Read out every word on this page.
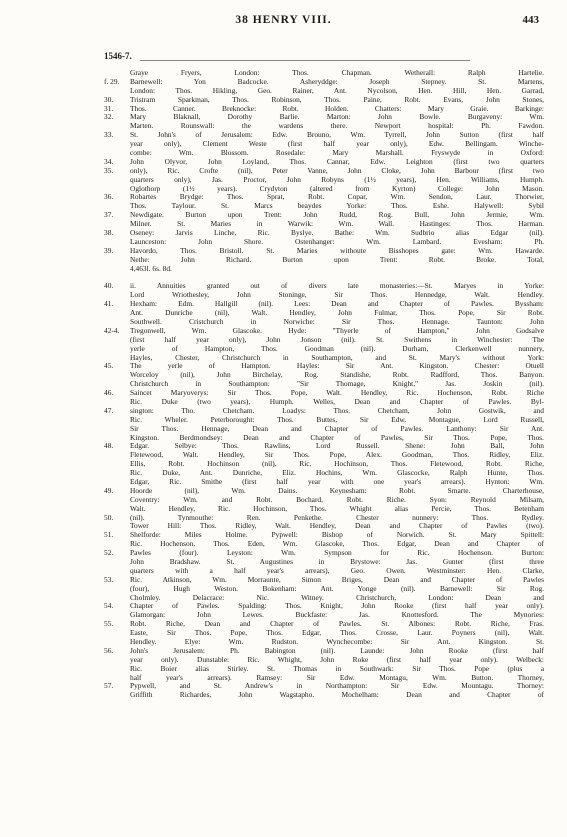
38 HENRY VIII.	443
1546-7.
Graye Fryers, London: Thos. Chapman. Wetherall: Ralph Hartelie.
f. 29.	Barnewell: Yon Badcocke. Asheryddge: Joseph Stepney. St. Martens,
London: Thos. Hikling, Geo. Rainer, Ant. Nycolson, Hen. Hill, Hen. Garrad,
30.	Tristram Sparkman, Thos. Robinson, Thos. Paine, Robt. Evans, John Stones,
31.	Thos. Canner. Breknocke: Robt. Holden. Chatters: Mary Graie. Barkinge:
32.	Mary Blaknall, Dorothy Barlie. Marton: John Bowle. Burgaveny: Wm.
Marten. Rounswall: the wardens there. Newport hospital: Ph. Fawdon.
33.	St. John's of Jerusalem: Edw. Brouno, Wm. Tyrrell, John Sutton (first half
year only), Clement Weste (first half year only), Edw. Bellingam. Winche-
combe: Wm. Blossom. Rosedale: Mary Marshall. Fryswyde in Oxford:
34.	John Olyvor, John Loyland, Thos. Cannar, Edw. Leighton (first two quarters
35.	only), Ric. Crofte (nil), Peter Vanne, John Cloke, John Barbour (first two
quarters only), Jas. Proctor, John Robyns (1½ years), Hen. Williams, Humph.
Oglothorp (1½ years). Crydyton (altered from Kyrton) College: John Mason.
36.	Robartes Brydge: Thos. Sprat, Robt. Copar, Wm. Sendon, Laur. Thorwier,
Thos. Taylour. St. Marcs beaydes Yorke: Thos. Eshe. Halywell: Sybil
37.	Newdigate. Burton upon Trent: John Rudd, Rog. Bull, John Jermie, Wm.
Milner. St. Maries in Warwik: Wm. Wall. Hastinges: Thos. Harman.
38.	Oseney: Jarvis Linche, Ric. Byslye. Bathe: Wm. Sudbrio alias Edgar (nil).
Launceston: John Shore. Ostenhanger: Wm. Lambard. Evesham: Ph.
39.	Havordo, Thos. Bristoll. St. Maries withoute Bisshopes gate: Wm. Hawarde.
Nethe: John Richard. Burton upon Trent: Robt. Broke. Total,
4,463l. 6s. 8d.
40.	ii. Annuities granted out of divers late monasteries:—St. Maryes in Yorke:
Lord Wriothesley, John Stoninge, Sir Thos. Hennedge, Walt. Hendley.
41.	Hexham: Edm. Hallgill (nil). Lees: Dean and Chapter of Pawles. Byssham:
Ant. Dunriche (nil), Walt. Hendley, John Fulmar, Thos. Pope, Sir Robt.
Southwell. Cristchurch in Norwiche: Sir Thos. Hennage. Taunton: John
42-4.	Tregonwell, Wm. Glascoke. Hyde: "Thyerle of Hampton," John Godsalve
(first half year only), John Jonson (nil). St. Swithens in Winchester: The
yerle of Hampton, Thos. Goodman (nil). Durham, Clerkenwell nunnery,
Hayles, Chester, Christchurch in Southampton, and St. Mary's without York:
45.	The yerle of Hampton. Hayles: Sir Ant. Kingston. Chester: Otuell
Worceloy (nil), John Birchelay, Rog. Standishe, Robt. Radfford, Thos. Banyon.
Christchurch in Southampton: "Sir Thomage, Knight," Jas. Joskin (nil).
46.	Saincet Maryoverys: Sir Thos. Pope, Walt. Hendley, Ric. Hochenson, Robt. Riche
Ric. Duke (two years), Humph. Welles, Dean and Chapter of Pawles. Byl-
47.	sington: Tho. Chetcham. Loadys: Thos. Chetcham, John Gostwik, and
Ric. Wheler. Peterborought: Thos. Buttes, Sir Edw. Montague, Lord Russell,
Sir Thos. Hennage, Dean and Chapter of Pawles. Lanthony: Sir Ant.
Kingston. Berdmondsey: Dean and Chapter of Pawles, Sir Thos. Pope, Thos.
48.	Edgar. Selbye: Thos. Rawlins, Lord Russell. Shene: John Ball, John
Fletewood, Walt. Hendley, Sir Thos. Pope, Alex. Goodman, Thos. Ridley, Eliz.
Ellis, Robt. Hochinson (nil), Ric. Hochinson, Thos. Fletewood, Robt. Riche,
Ric. Duke, Ant. Dunriche, Eliz. Hochins, Wm. Glascocke, Ralph Hunte, Thos.
Edgar, Ric. Smithe (first half year with one year's arrears). Hynton: Wm.
49.	Hoorde (nil), Wm. Dains. Keynesham: Robt. Smarte. Charterhouse,
Coventry: Wm. and Robt. Bochard, Robt. Riche. Syon: Reynold Milsam,
Walt. Hendley, Ric. Hochinson, Thos. Whight alias Percie, Thos. Betenham
50.	(nil). Tynmouthe: Ren. Penkethe. Chester nunnery: Thos. Rydley.
Tower Hill: Thos. Ridley, Walt. Hendley, Dean and Chapter of Pawles (two).
51.	Shelforde: Miles Holme. Pypwell: Bishop of Norwich. St. Mary Spittell:
Ric. Hochenson, Thos. Eden, Wm. Glascoke, Thos. Edgar, Dean and Chapter of
52.	Pawles (four). Leyston: Wm. Sympson for Ric. Hochenson. Burton:
John Bradshaw. St. Augustines in Brystowe: Jas. Gunter (first three
quarters with a half year's arrears), Geo. Owen. Westminster: Hen. Clarke,
53.	Ric. Atkinson, Wm. Morraunte, Simon Briges, Dean and Chapter of Pawles
(four), Hugh Weston. Bokenham: Ant. Yonge (nil). Barnewell: Sir Rog.
Cholmley. Delacrace: Nic. Witney. Christchurch, London: Dean and
54.	Chapter of Pawles. Spalding: Thos. Knight, John Rooke (first half year only).
Glamorgan: John Lewes. Buckfaste: Jas. Knottesford. The Mynories:
55.	Robt. Riche, Dean and Chapter of Pawles. St. Albones: Robt. Riche, Fras.
Easte, Sir Thos. Pope, Thos. Edgar, Thos. Crosse, Laur. Poyners (nil), Walt.
Hendley. Elye: Wm. Rudston. Wynchecombe: Sir Ant. Kingston. St.
56.	John's Jerusalem: Ph. Babington (nil). Launde: John Rooke (first half
year only). Dunstable: Ric. Whight, John Roke (first half year only). Welbeck:
Ric. Boier alias Stirley. St. Thomas in Southwark: Sir Thos. Pope (plus a
half year's arrears). Ramsey: Sir Edw. Montagu, Wm. Button. Thorney,
57.	Pypwell, and St. Andrew's in Northampton: Sir Edw. Mountagu. Thorney:
Griffith Richardes, John Wagstapho. Mochelham: Dean and Chapter of
